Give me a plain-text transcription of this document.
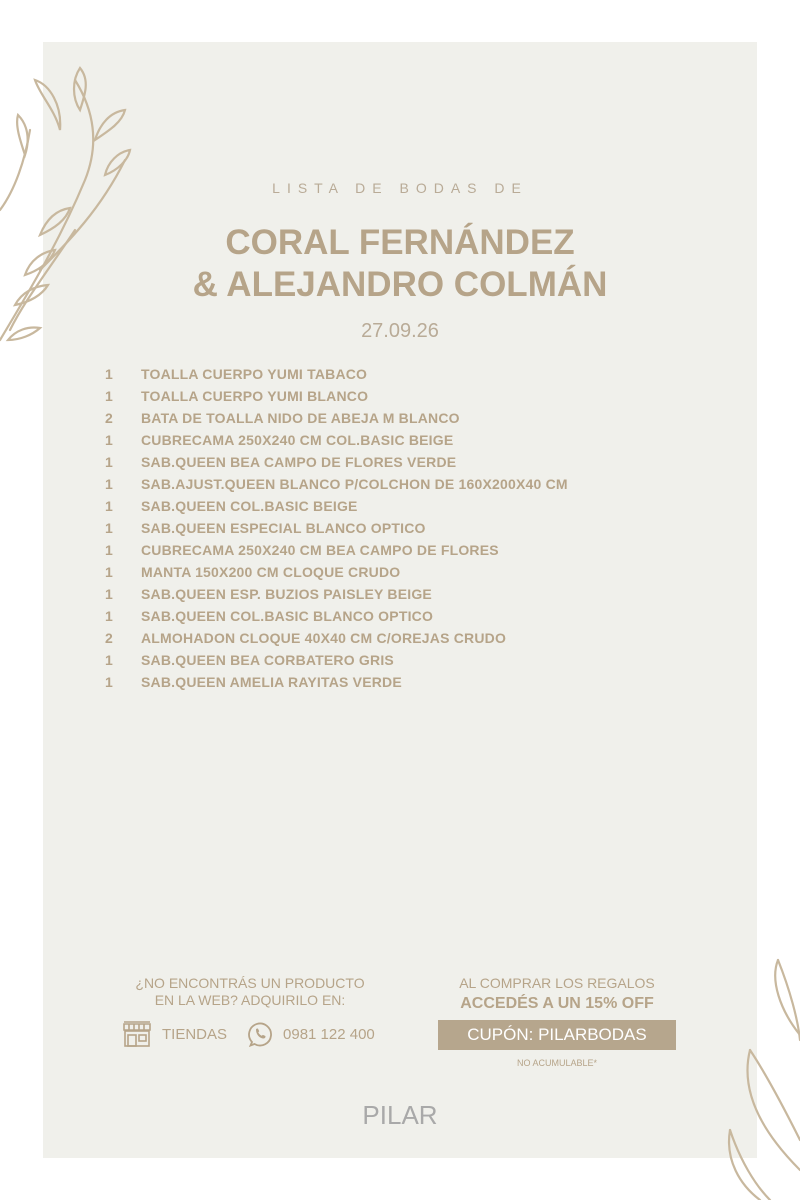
LISTA DE BODAS DE
CORAL FERNÁNDEZ
& ALEJANDRO COLMÁN
27.09.26
1	TOALLA CUERPO YUMI TABACO
1	TOALLA CUERPO YUMI BLANCO
2	BATA DE TOALLA NIDO DE ABEJA M BLANCO
1	CUBRECAMA 250X240 CM COL.BASIC BEIGE
1	SAB.QUEEN BEA CAMPO DE FLORES VERDE
1	SAB.AJUST.QUEEN BLANCO P/COLCHON DE 160X200X40 CM
1	SAB.QUEEN COL.BASIC BEIGE
1	SAB.QUEEN ESPECIAL BLANCO OPTICO
1	CUBRECAMA 250X240 CM BEA CAMPO DE FLORES
1	MANTA 150X200 CM CLOQUE CRUDO
1	SAB.QUEEN ESP. BUZIOS PAISLEY BEIGE
1	SAB.QUEEN COL.BASIC BLANCO OPTICO
2	ALMOHADON CLOQUE 40X40 CM C/OREJAS CRUDO
1	SAB.QUEEN BEA CORBATERO GRIS
1	SAB.QUEEN AMELIA RAYITAS VERDE
¿NO ENCONTRÁS UN PRODUCTO
EN LA WEB? ADQUIRILO EN:
TIENDAS	0981 122 400
AL COMPRAR LOS REGALOS
ACCEDÉS A UN 15% OFF
CUPÓN: PILARBODAS
NO ACUMULABLE*
PILAR
